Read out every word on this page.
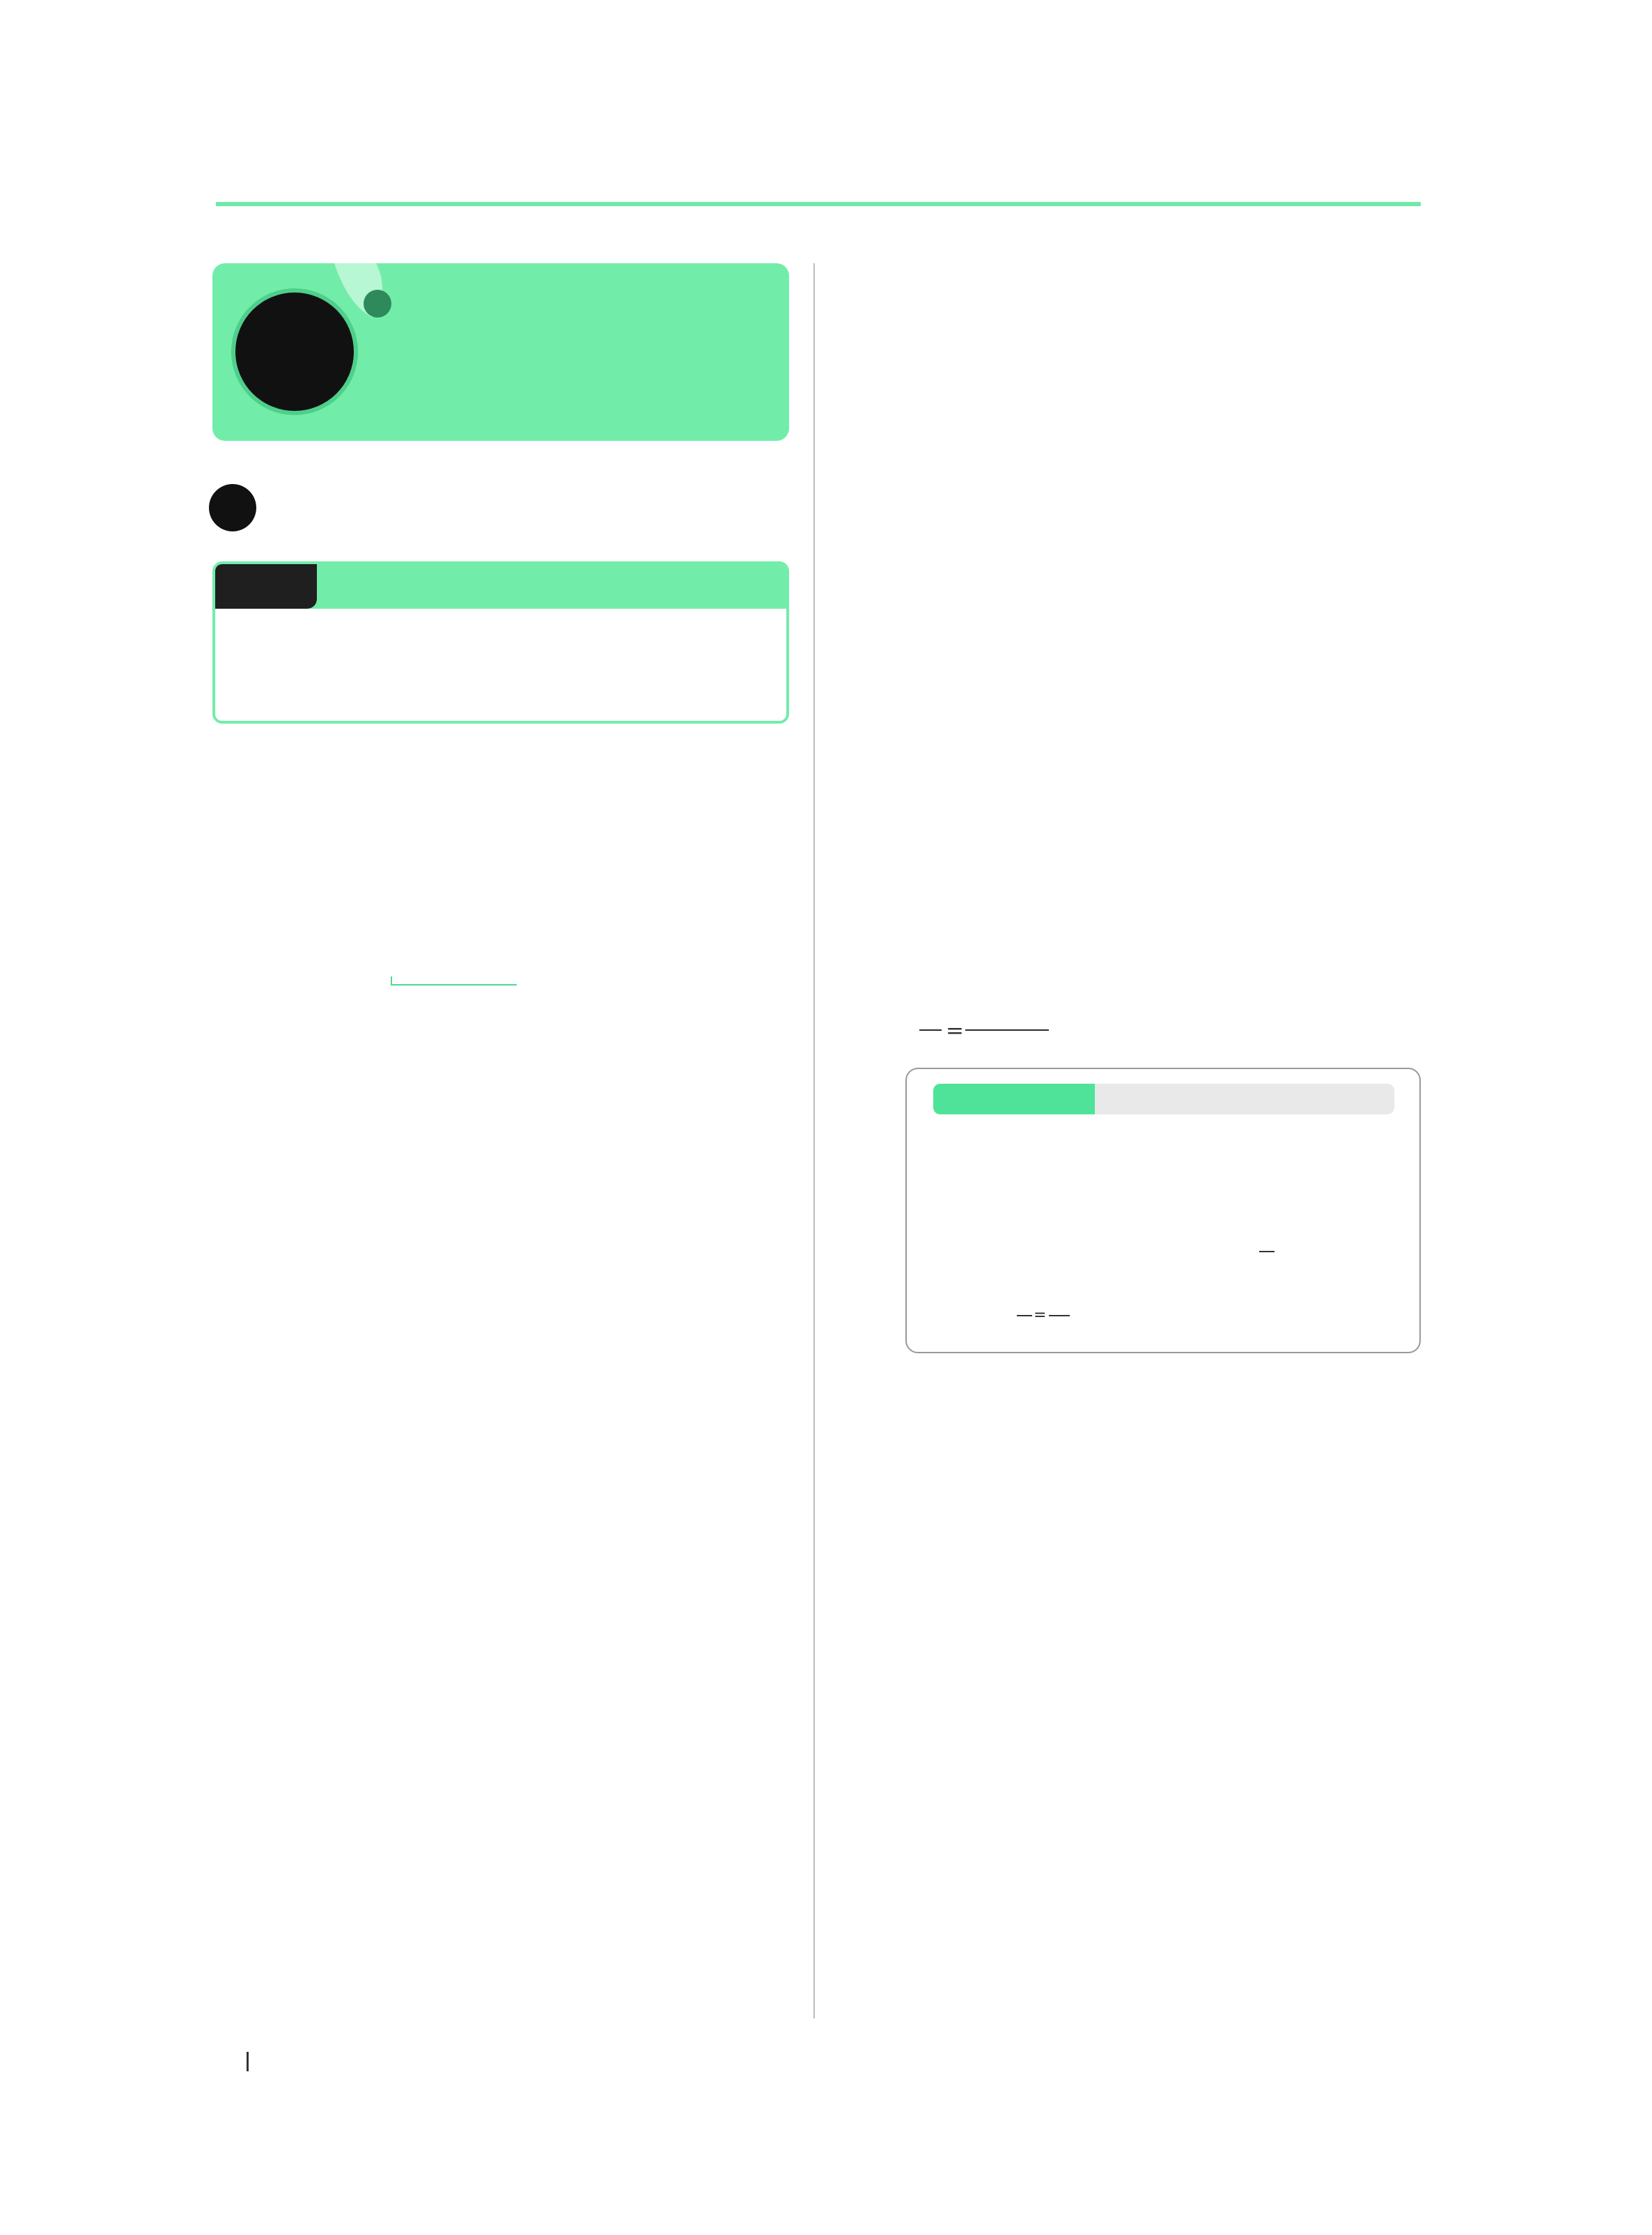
=
=
